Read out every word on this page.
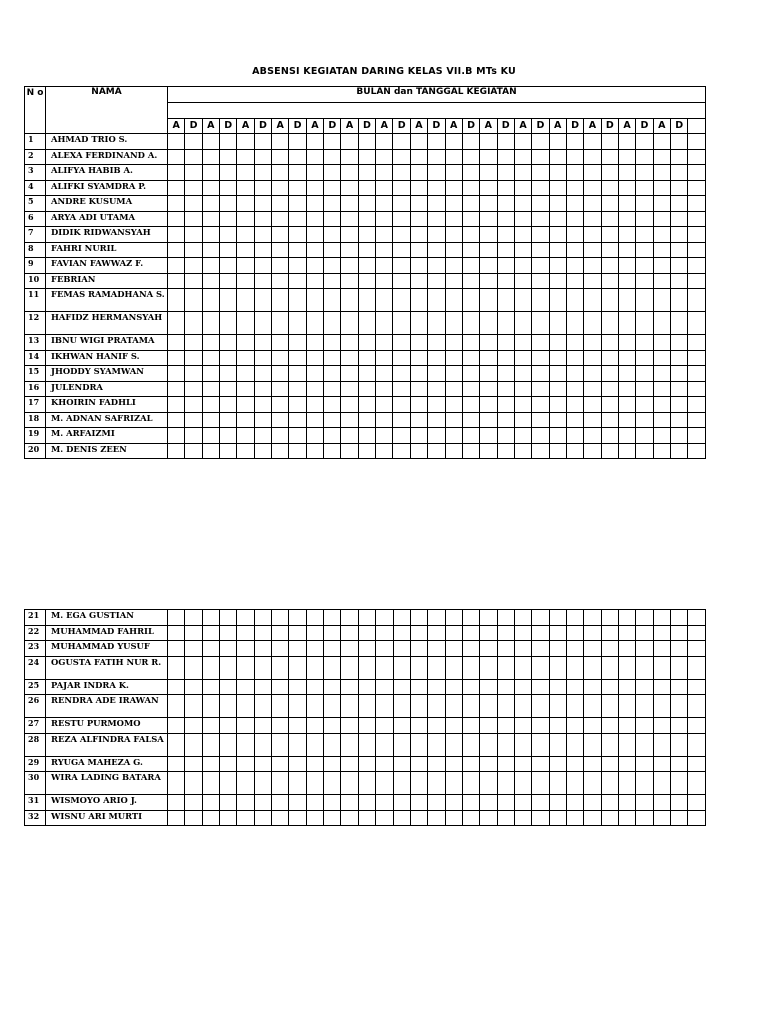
ABSENSI KEGIATAN DARING KELAS VII.B MTs KU
N o	NAMA	BULAN dan TANGGAL KEGIATAN																														

		A	D	A	D	A	D	A	D	A	D	A	D	A	D	A	D	A	D	A	D	A	D	A	D	A	D	A	D	A	D	
1	AHMAD TRIO S.																															
2	ALEXA FERDINAND A.																															
3	ALIFYA HABIB A.																															
4	ALIFKI SYAMDRA P.																															
5	ANDRE KUSUMA																															
6	ARYA ADI UTAMA																															
7	DIDIK RIDWANSYAH																															
8	FAHRI NURIL																															
9	FAVIAN FAWWAZ F.																															
10	FEBRIAN																															
11	FEMAS RAMADHANA S.																															
12	HAFIDZ HERMANSYAH																															
13	IBNU WIGI PRATAMA																															
14	IKHWAN HANIF S.																															
15	JHODDY SYAMWAN																															
16	JULENDRA																															
17	KHOIRIN FADHLI																															
18	M. ADNAN SAFRIZAL																															
19	M. ARFAIZMI																															
20	M. DENIS ZEEN																															
21	M. EGA GUSTIAN																															
22	MUHAMMAD FAHRIL																															
23	MUHAMMAD YUSUF																															
24	OGUSTA FATIH NUR R.																															
25	PAJAR INDRA K.																															
26	RENDRA ADE IRAWAN																															
27	RESTU PURMOMO																															
28	REZA ALFINDRA FALSA																															
29	RYUGA MAHEZA G.																															
30	WIRA LADING BATARA																															
31	WISMOYO ARIO J.																															
32	WISNU ARI MURTI																															
